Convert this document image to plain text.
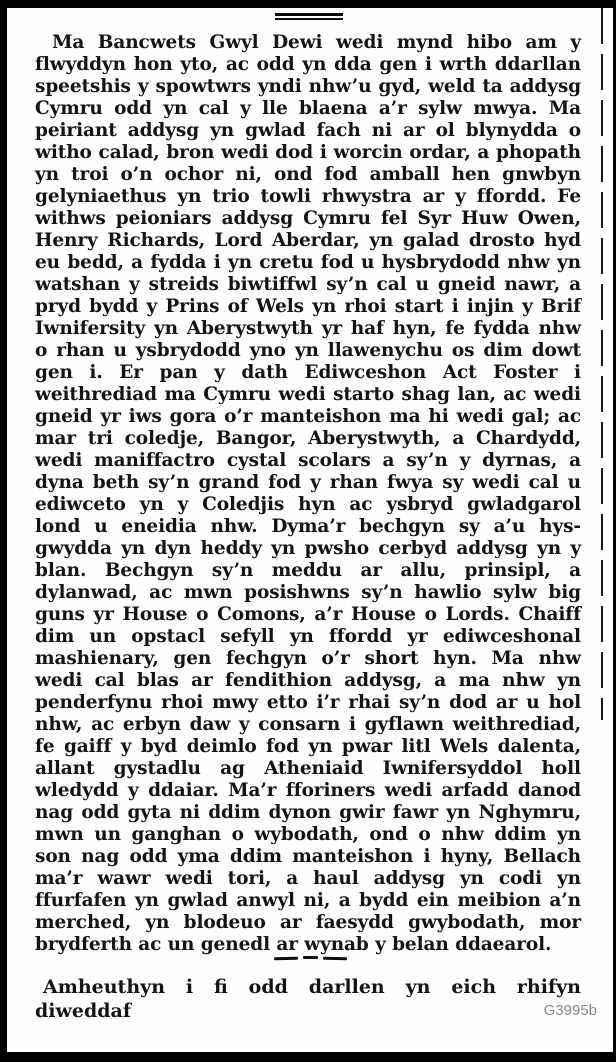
Ma Bancwets Gwyl Dewi wedi mynd hibo am y
flwyddyn hon yto, ac odd yn dda gen i wrth ddarllan
speetshis y spowtwrs yndi nhw’u gyd, weld ta addysg
Cymru odd yn cal y lle blaena a’r sylw mwya. Ma
peiriant addysg yn gwlad fach ni ar ol blynydda o
witho calad, bron wedi dod i worcin ordar, a phopath
yn troi o’n ochor ni, ond fod amball hen gnwbyn
gelyniaethus yn trio towli rhwystra ar y ffordd. Fe
withws peioniars addysg Cymru fel Syr Huw Owen,
Henry Richards, Lord Aberdar, yn galad drosto hyd
eu bedd, a fydda i yn cretu fod u hysbrydodd nhw yn
watshan y streids biwtiffwl sy’n cal u gneid nawr, a
pryd bydd y Prins of Wels yn rhoi start i injin y Brif
Iwnifersity yn Aberystwyth yr haf hyn, fe fydda nhw
o rhan u ysbrydodd yno yn llawenychu os dim dowt
gen i. Er pan y dath Ediwceshon Act Foster i
weithrediad ma Cymru wedi starto shag lan, ac wedi
gneid yr iws gora o’r manteishon ma hi wedi gal; ac
mar tri coledje, Bangor, Aberystwyth, a Chardydd,
wedi maniffactro cystal scolars a sy’n y dyrnas, a
dyna beth sy’n grand fod y rhan fwya sy wedi cal u
ediwceto yn y Coledjis hyn ac ysbryd gwladgarol
lond u eneidia nhw. Dyma’r bechgyn sy a’u hys-
gwydda yn dyn heddy yn pwsho cerbyd addysg yn y
blan. Bechgyn sy’n meddu ar allu, prinsipl, a
dylanwad, ac mwn posishwns sy’n hawlio sylw big
guns yr House o Comons, a’r House o Lords. Chaiff
dim un opstacl sefyll yn ffordd yr ediwceshonal
mashienary, gen fechgyn o’r short hyn. Ma nhw
wedi cal blas ar fendithion addysg, a ma nhw yn
penderfynu rhoi mwy etto i’r rhai sy’n dod ar u hol
nhw, ac erbyn daw y consarn i gyflawn weithrediad,
fe gaiff y byd deimlo fod yn pwar litl Wels dalenta,
allant gystadlu ag Atheniaid Iwnifersyddol holl
wledydd y ddaiar. Ma’r fforiners wedi arfadd danod
nag odd gyta ni ddim dynon gwir fawr yn Nghymru,
mwn un ganghan o wybodath, ond o nhw ddim yn
son nag odd yma ddim manteishon i hyny, Bellach
ma’r wawr wedi tori, a haul addysg yn codi yn
ffurfafen yn gwlad anwyl ni, a bydd ein meibion a’n
merched, yn blodeuo ar faesydd gwybodath, mor
brydferth ac un genedl ar wynab y belan ddaearol.
Amheuthyn i fi odd darllen yn eich rhifyn diweddaf	G3995b
